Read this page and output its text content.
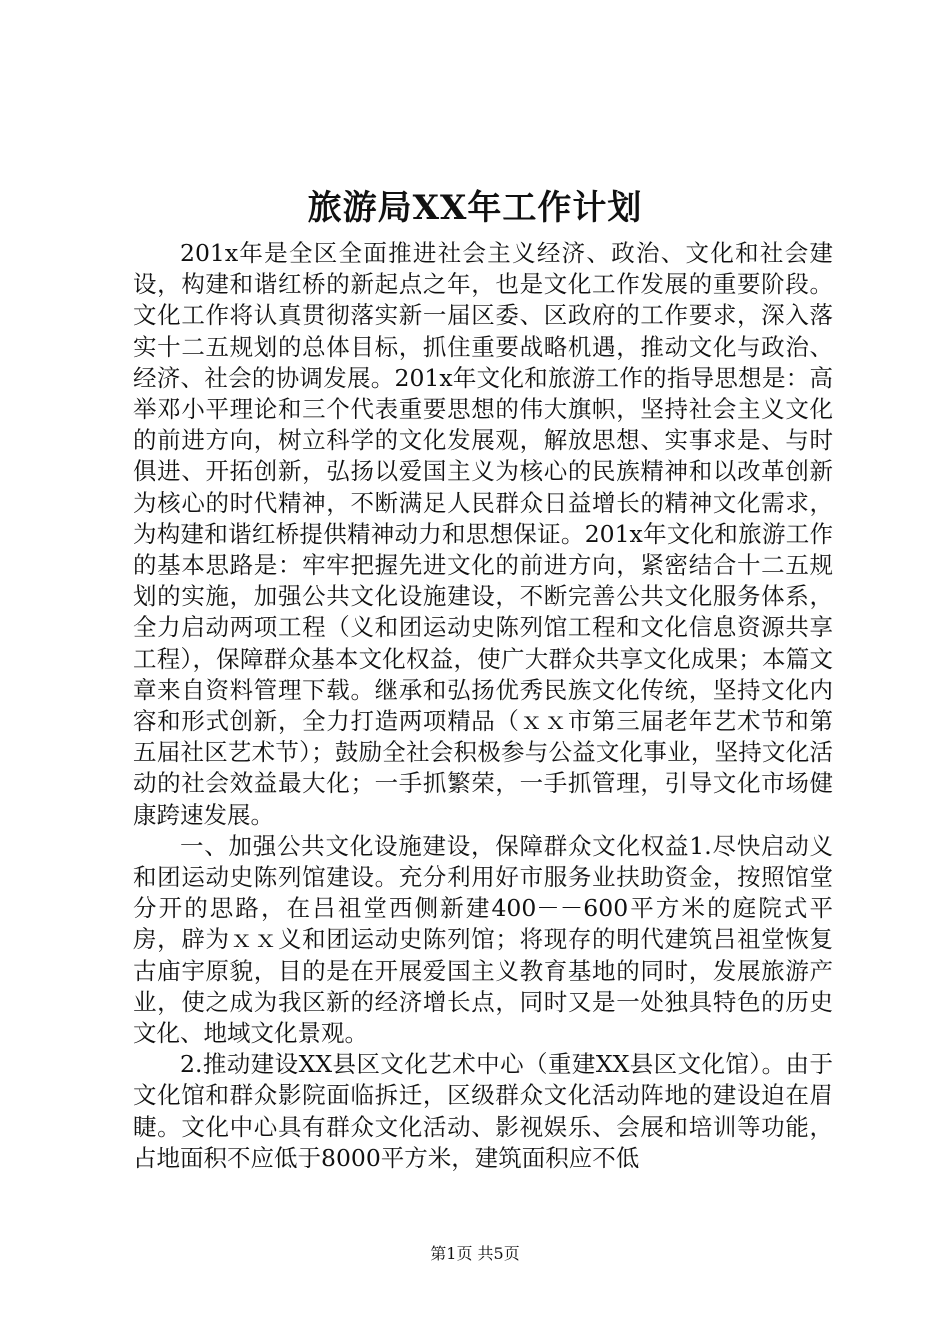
旅游局XX年工作计划

201x年是全区全面推进社会主义经济、政治、文化和社会建设，构建和谐红桥的新起点之年，也是文化工作发展的重要阶段。文化工作将认真贯彻落实新一届区委、区政府的工作要求，深入落实十二五规划的总体目标，抓住重要战略机遇，推动文化与政治、经济、社会的协调发展。201x年文化和旅游工作的指导思想是：高举邓小平理论和三个代表重要思想的伟大旗帜，坚持社会主义文化的前进方向，树立科学的文化发展观，解放思想、实事求是、与时俱进、开拓创新，弘扬以爱国主义为核心的民族精神和以改革创新为核心的时代精神，不断满足人民群众日益增长的精神文化需求，为构建和谐红桥提供精神动力和思想保证。201x年文化和旅游工作的基本思路是：牢牢把握先进文化的前进方向，紧密结合十二五规划的实施，加强公共文化设施建设，不断完善公共文化服务体系，全力启动两项工程（义和团运动史陈列馆工程和文化信息资源共享工程），保障群众基本文化权益，使广大群众共享文化成果；本篇文章来自资料管理下载。继承和弘扬优秀民族文化传统，坚持文化内容和形式创新，全力打造两项精品（ｘｘ市第三届老年艺术节和第五届社区艺术节）；鼓励全社会积极参与公益文化事业，坚持文化活动的社会效益最大化；一手抓繁荣，一手抓管理，引导文化市场健康跨速发展。

一、加强公共文化设施建设，保障群众文化权益1.尽快启动义和团运动史陈列馆建设。充分利用好市服务业扶助资金，按照馆堂分开的思路，在吕祖堂西侧新建400－－600平方米的庭院式平房，辟为ｘｘ义和团运动史陈列馆；将现存的明代建筑吕祖堂恢复古庙宇原貌，目的是在开展爱国主义教育基地的同时，发展旅游产业，使之成为我区新的经济增长点，同时又是一处独具特色的历史文化、地域文化景观。

2.推动建设XX县区文化艺术中心（重建XX县区文化馆）。由于文化馆和群众影院面临拆迁，区级群众文化活动阵地的建设迫在眉睫。文化中心具有群众文化活动、影视娱乐、会展和培训等功能，占地面积不应低于8000平方米，建筑面积应不低

第1页 共5页
